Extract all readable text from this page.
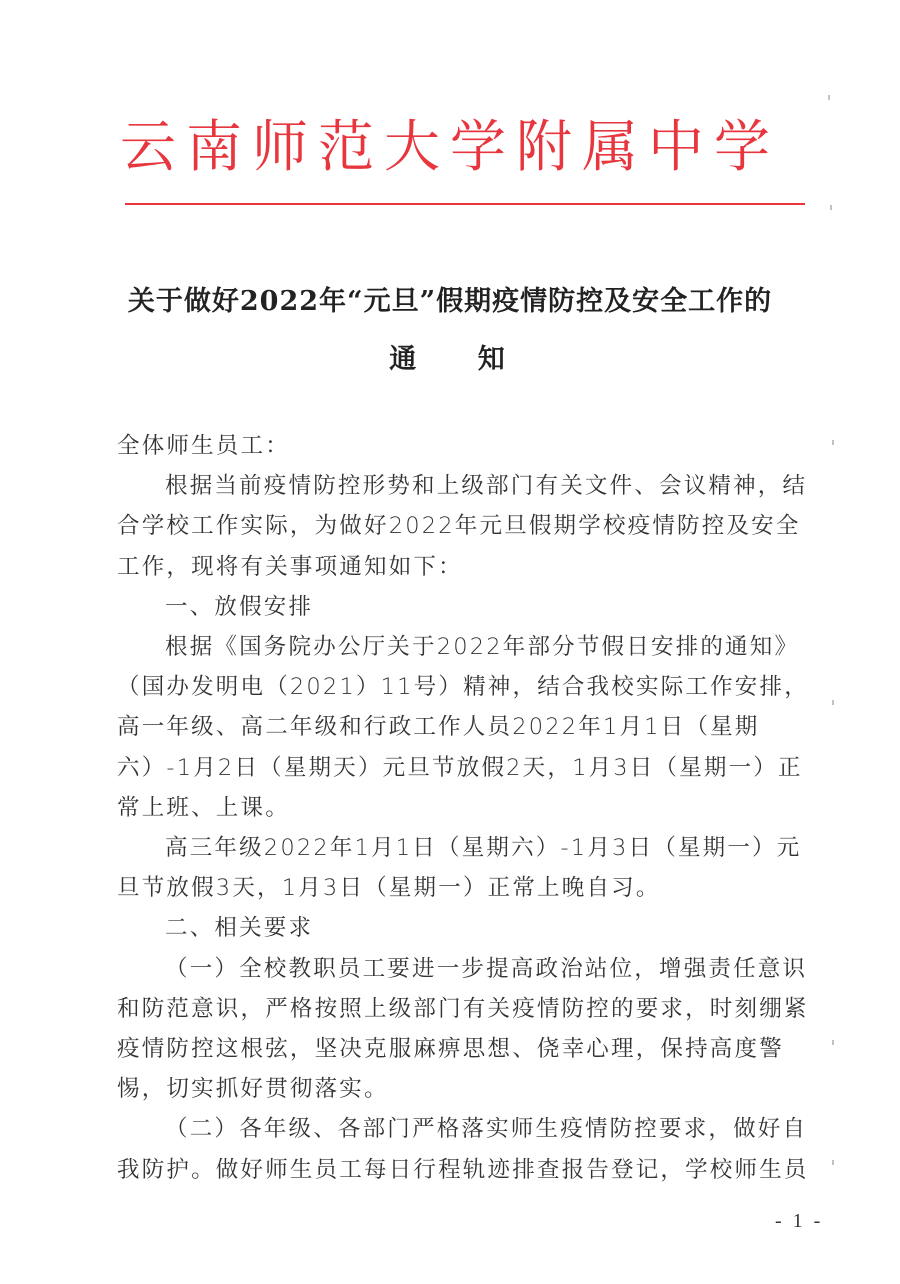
云南师范大学附属中学
关于做好2022年“元旦”假期疫情防控及安全工作的
通 知

全体师生员工：

根据当前疫情防控形势和上级部门有关文件、会议精神，结合学校工作实际，为做好2022年元旦假期学校疫情防控及安全工作，现将有关事项通知如下：

一、放假安排

根据《国务院办公厅关于2022年部分节假日安排的通知》（国办发明电（2021）11号）精神，结合我校实际工作安排，高一年级、高二年级和行政工作人员2022年1月1日（星期六）-1月2日（星期天）元旦节放假2天，1月3日（星期一）正常上班、上课。

高三年级2022年1月1日（星期六）-1月3日（星期一）元旦节放假3天，1月3日（星期一）正常上晚自习。

二、相关要求

（一）全校教职员工要进一步提高政治站位，增强责任意识和防范意识，严格按照上级部门有关疫情防控的要求，时刻绷紧疫情防控这根弦，坚决克服麻痹思想、侥幸心理，保持高度警惕，切实抓好贯彻落实。

（二）各年级、各部门严格落实师生疫情防控要求，做好自我防护。做好师生员工每日行程轨迹排查报告登记，学校师生员

- 1 -
